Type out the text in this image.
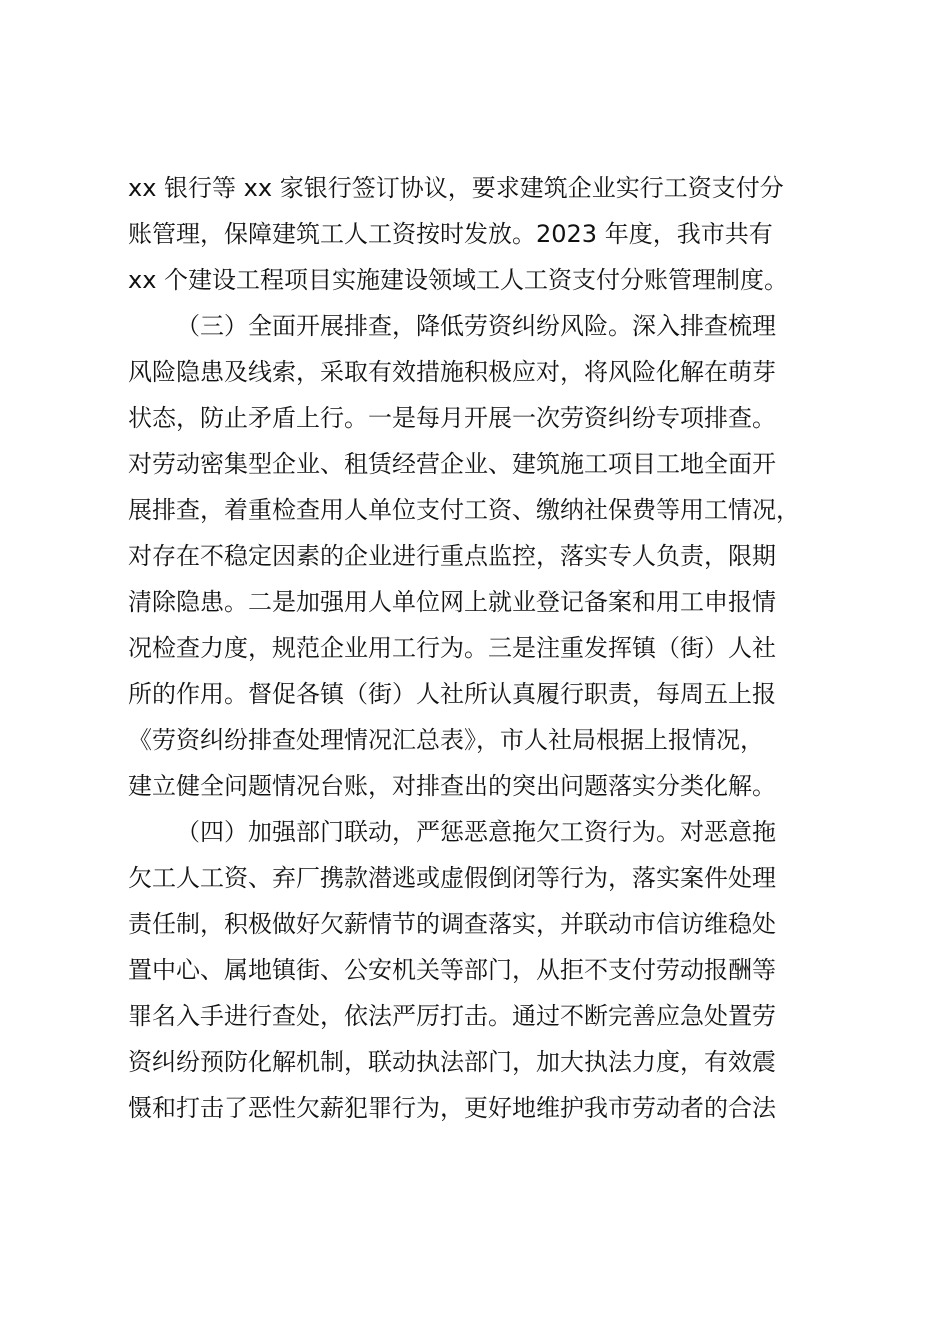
xx 银行等 xx 家银行签订协议，要求建筑企业实行工资支付分
账管理，保障建筑工人工资按时发放。2023 年度，我市共有
xx 个建设工程项目实施建设领域工人工资支付分账管理制度。
（三）全面开展排查，降低劳资纠纷风险。深入排查梳理
风险隐患及线索，采取有效措施积极应对，将风险化解在萌芽
状态，防止矛盾上行。一是每月开展一次劳资纠纷专项排查。
对劳动密集型企业、租赁经营企业、建筑施工项目工地全面开
展排查，着重检查用人单位支付工资、缴纳社保费等用工情况，
对存在不稳定因素的企业进行重点监控，落实专人负责，限期
清除隐患。二是加强用人单位网上就业登记备案和用工申报情
况检查力度，规范企业用工行为。三是注重发挥镇（街）人社
所的作用。督促各镇（街）人社所认真履行职责，每周五上报
《劳资纠纷排查处理情况汇总表》，市人社局根据上报情况，
建立健全问题情况台账，对排查出的突出问题落实分类化解。
（四）加强部门联动，严惩恶意拖欠工资行为。对恶意拖
欠工人工资、弃厂携款潜逃或虚假倒闭等行为，落实案件处理
责任制，积极做好欠薪情节的调查落实，并联动市信访维稳处
置中心、属地镇街、公安机关等部门，从拒不支付劳动报酬等
罪名入手进行查处，依法严厉打击。通过不断完善应急处置劳
资纠纷预防化解机制，联动执法部门，加大执法力度，有效震
慑和打击了恶性欠薪犯罪行为，更好地维护我市劳动者的合法
